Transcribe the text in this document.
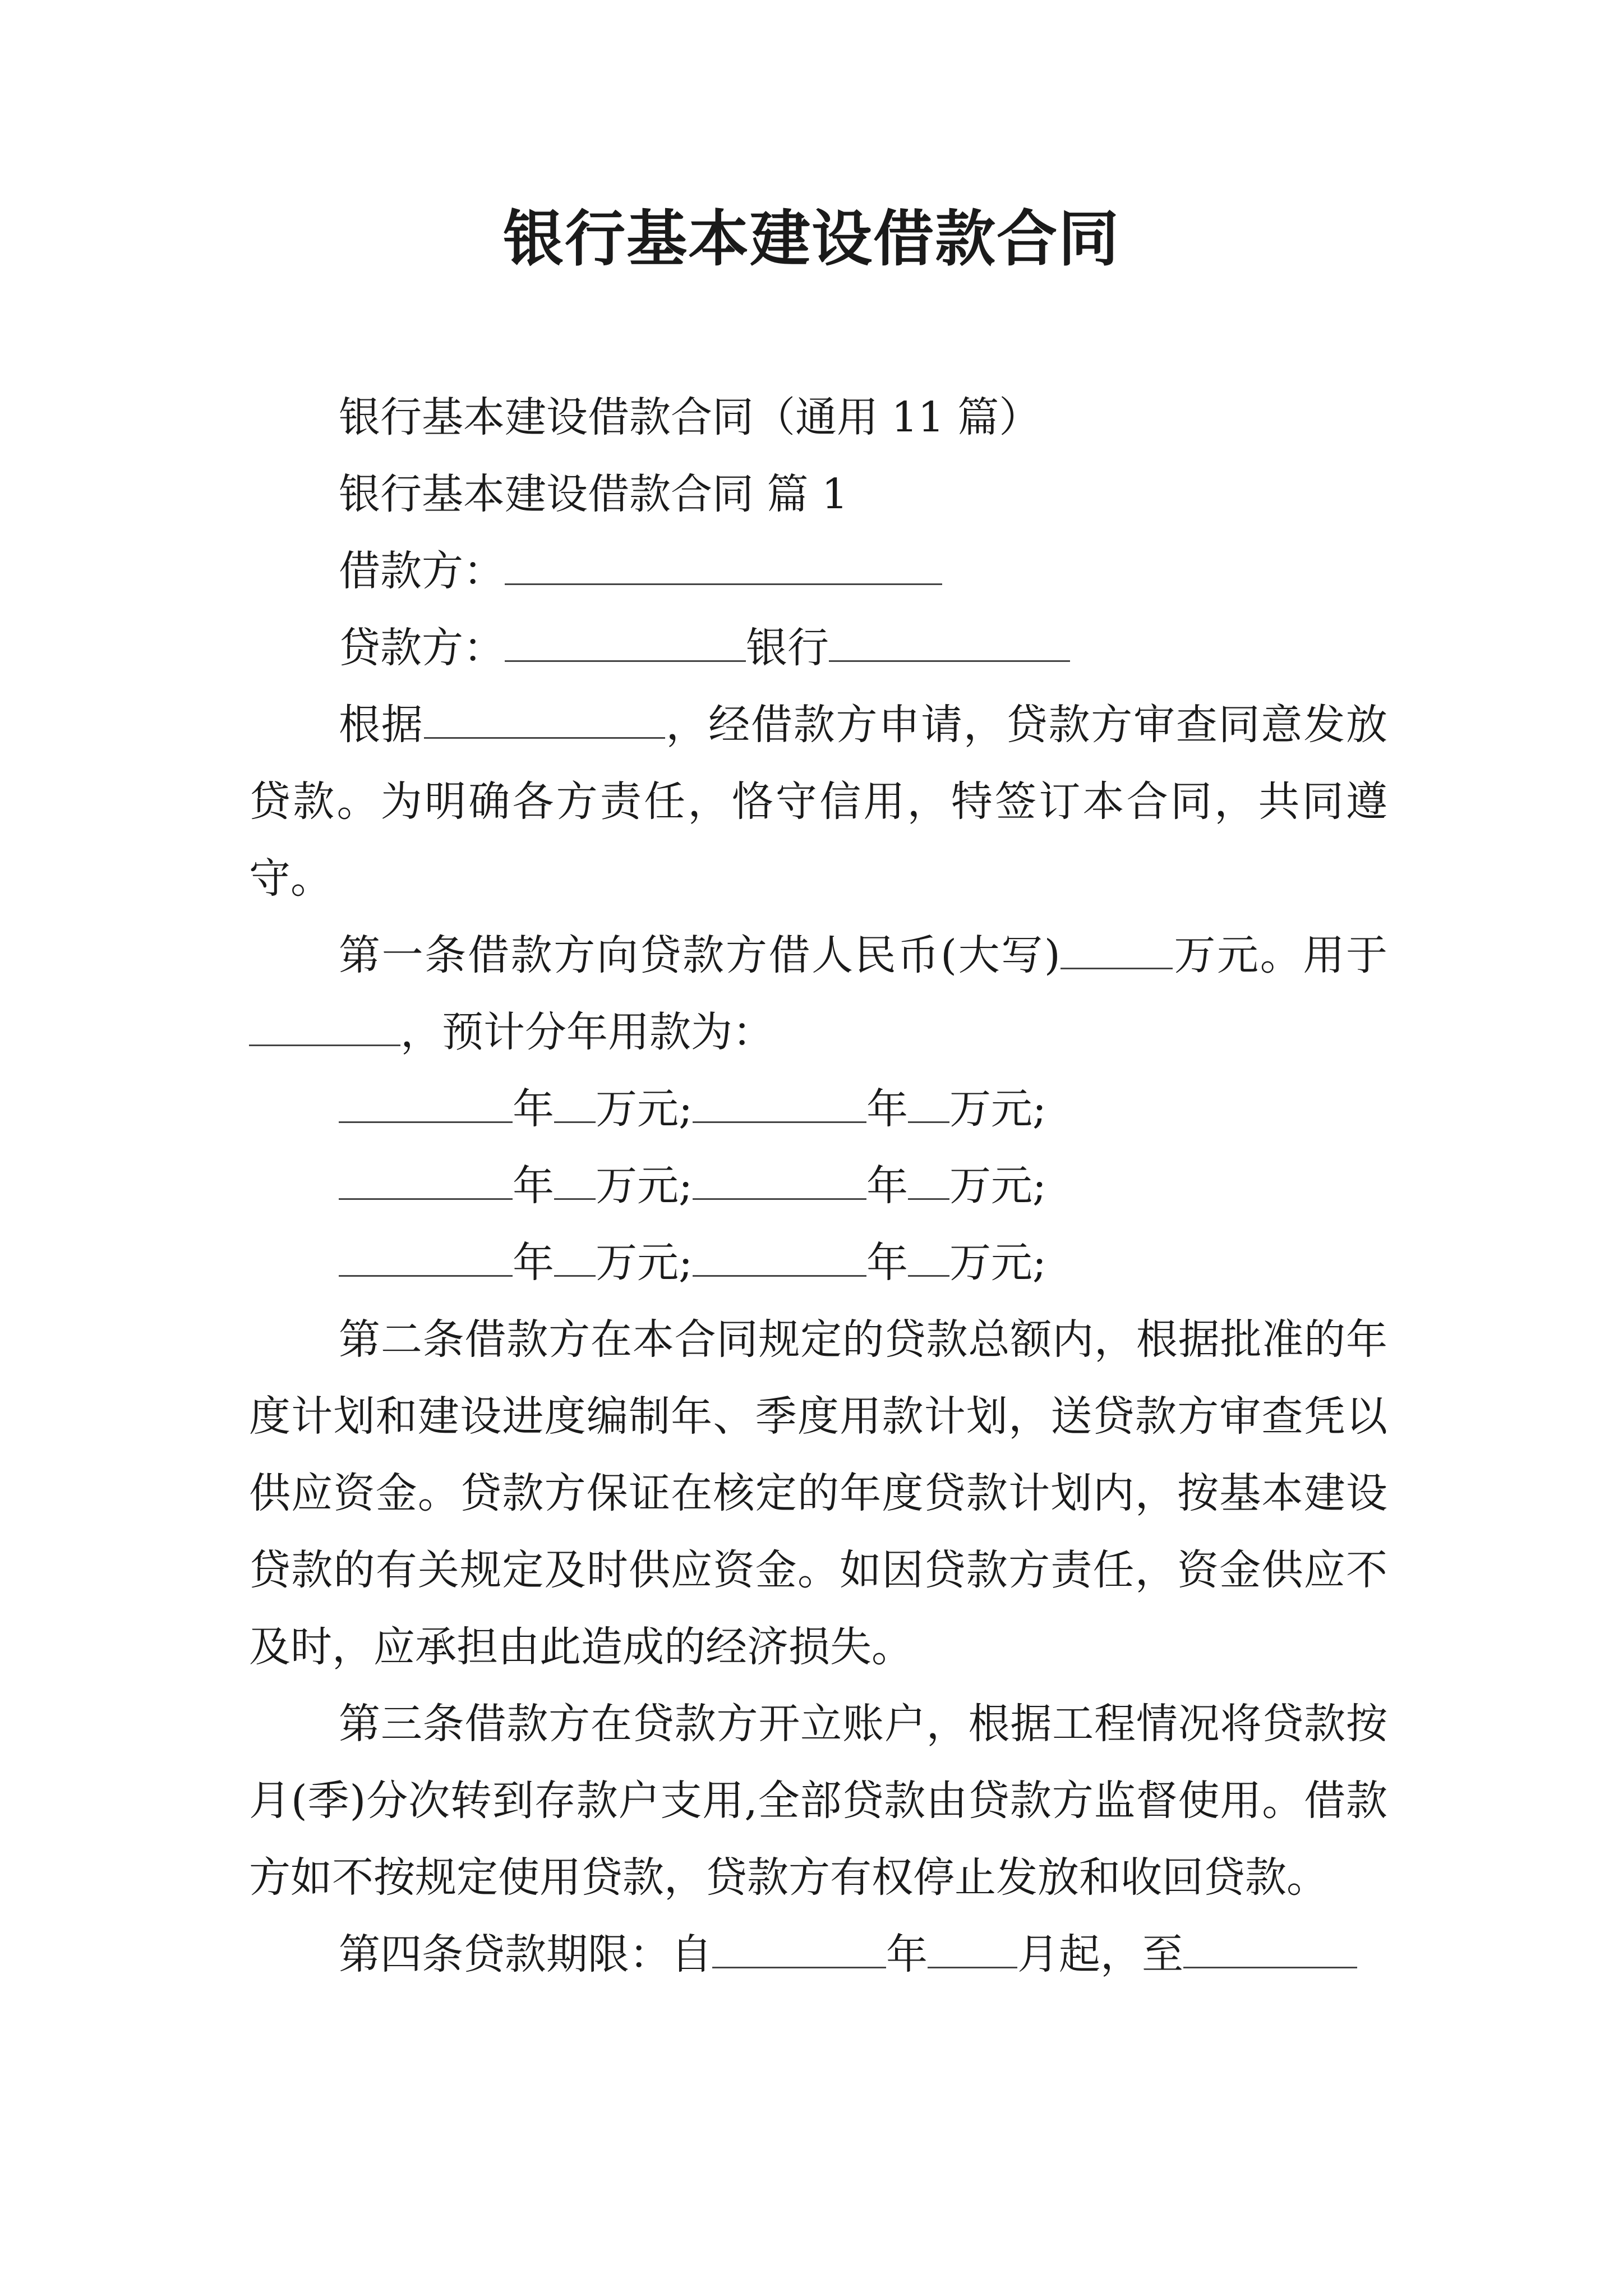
银行基本建设借款合同

银行基本建设借款合同（通用 11 篇）

银行基本建设借款合同 篇 1

借款方：

贷款方：	银行

根据	，经借款方申请，贷款方审查同意发放贷款。为明确各方责任，恪守信用，特签订本合同，共同遵守。

第一条借款方向贷款方借人民币(大写)	万元。用于，预计分年用款为：

年 万元;	年 万元;

年 万元;	年 万元;

年 万元;	年 万元;

第二条借款方在本合同规定的贷款总额内，根据批准的年度计划和建设进度编制年、季度用款计划，送贷款方审查凭以供应资金。贷款方保证在核定的年度贷款计划内，按基本建设贷款的有关规定及时供应资金。如因贷款方责任，资金供应不及时，应承担由此造成的经济损失。

第三条借款方在贷款方开立账户，根据工程情况将贷款按月(季)分次转到存款户支用,全部贷款由贷款方监督使用。借款方如不按规定使用贷款，贷款方有权停止发放和收回贷款。

第四条贷款期限：自	年 月起，至
